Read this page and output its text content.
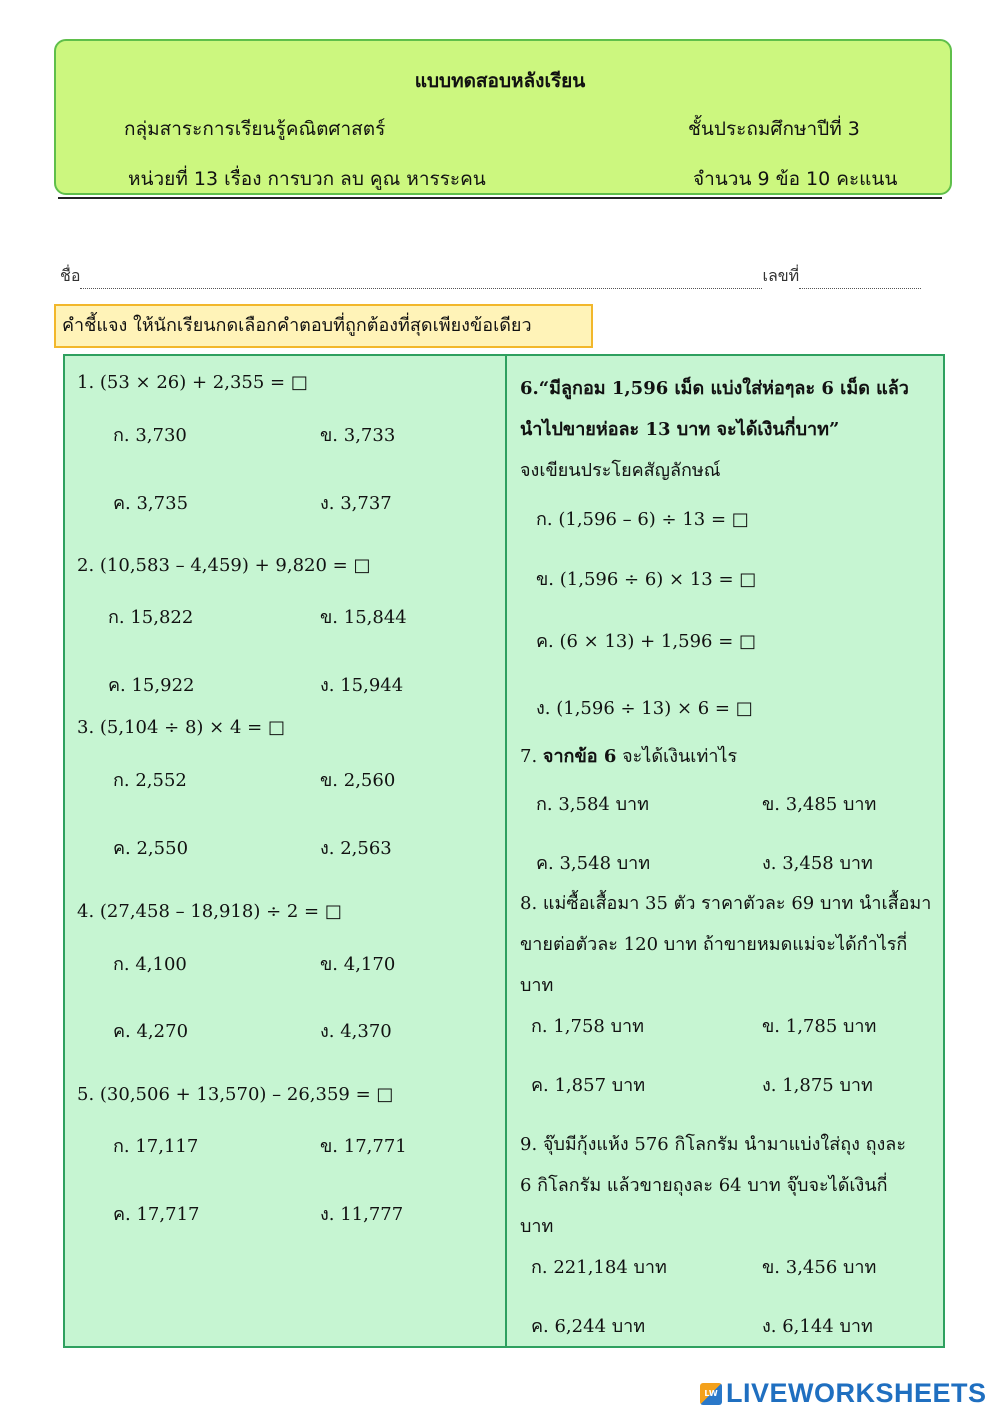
แบบทดสอบหลังเรียน
กลุ่มสาระการเรียนรู้คณิตศาสตร์	ชั้นประถมศึกษาปีที่ 3
หน่วยที่ 13 เรื่อง การบวก ลบ คูณ หารระคน	จำนวน 9 ข้อ 10 คะแนน
ชื่อ	เลขที่
คำชี้แจง ให้นักเรียนกดเลือกคำตอบที่ถูกต้องที่สุดเพียงข้อเดียว
1. (53 × 26) + 2,355 = □
ก. 3,730	ข. 3,733
ค. 3,735	ง. 3,737
2. (10,583 – 4,459) + 9,820 = □
ก. 15,822	ข. 15,844
ค. 15,922	ง. 15,944
3. (5,104 ÷ 8) × 4 = □
ก. 2,552	ข. 2,560
ค. 2,550	ง. 2,563
4. (27,458 – 18,918) ÷ 2 = □
ก. 4,100	ข. 4,170
ค. 4,270	ง. 4,370
5. (30,506 + 13,570) – 26,359 = □
ก. 17,117	ข. 17,771
ค. 17,717	ง. 11,777
6.“มีลูกอม 1,596 เม็ด แบ่งใส่ห่อๆละ 6 เม็ด แล้ว
นำไปขายห่อละ 13 บาท จะได้เงินกี่บาท”
จงเขียนประโยคสัญลักษณ์
ก. (1,596 – 6) ÷ 13 = □
ข. (1,596 ÷ 6) × 13 = □
ค. (6 × 13) + 1,596 = □
ง. (1,596 ÷ 13) × 6 = □
7. จากข้อ 6 จะได้เงินเท่าไร
ก. 3,584 บาท	ข. 3,485 บาท
ค. 3,548 บาท	ง. 3,458 บาท
8. แม่ซื้อเสื้อมา 35 ตัว ราคาตัวละ 69 บาท นำเสื้อมา
ขายต่อตัวละ 120 บาท ถ้าขายหมดแม่จะได้กำไรกี่
บาท
ก. 1,758 บาท	ข. 1,785 บาท
ค. 1,857 บาท	ง. 1,875 บาท
9. จุ๊บมีกุ้งแห้ง 576 กิโลกรัม นำมาแบ่งใส่ถุง ถุงละ
6 กิโลกรัม แล้วขายถุงละ 64 บาท จุ๊บจะได้เงินกี่
บาท
ก. 221,184 บาท	ข. 3,456 บาท
ค. 6,244 บาท	ง. 6,144 บาท
LW LIVEWORKSHEETS
